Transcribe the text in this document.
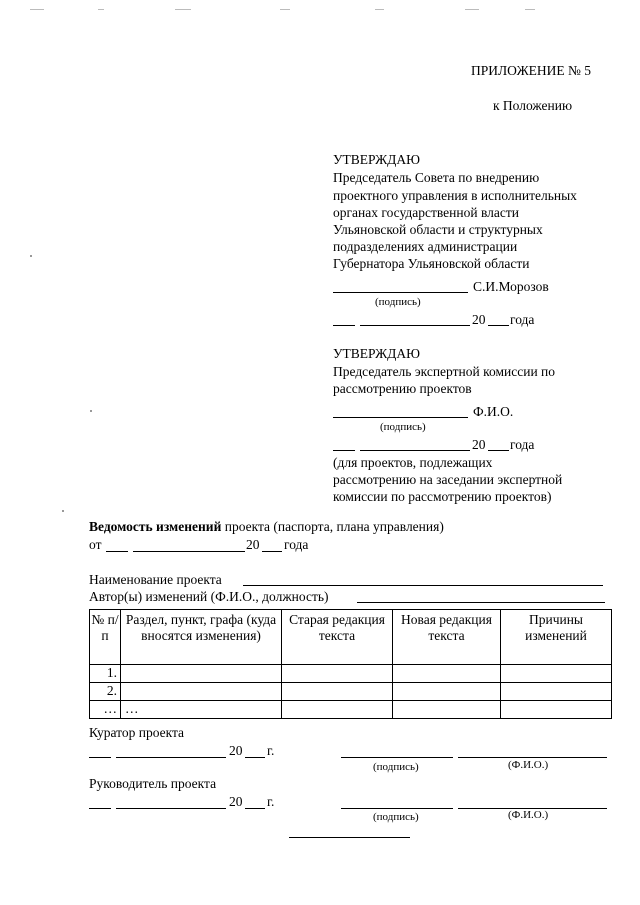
ПРИЛОЖЕНИЕ № 5
к Положению
УТВЕРЖДАЮ
Председатель Совета по внедрению
проектного управления в исполнительных
органах государственной власти
Ульяновской области и структурных
подразделениях администрации
Губернатора Ульяновской области
С.И.Морозов
(подпись)
20 года
УТВЕРЖДАЮ
Председатель экспертной комиссии по
рассмотрению проектов
Ф.И.О.
(подпись)
20 года
(для проектов, подлежащих
рассмотрению на заседании экспертной
комиссии по рассмотрению проектов)
Ведомость изменений проекта (паспорта, плана управления)
от	20 года
Наименование проекта
Автор(ы) изменений (Ф.И.О., должность)
№ п/п	Раздел, пункт, графа (куда вносятся изменения)	Старая редакция текста	Новая редакция текста	Причины изменений
1.				
2.				
…	…			
Куратор проекта
20 г.
(подпись)	(Ф.И.О.)
Руководитель проекта
20 г.
(подпись)	(Ф.И.О.)
